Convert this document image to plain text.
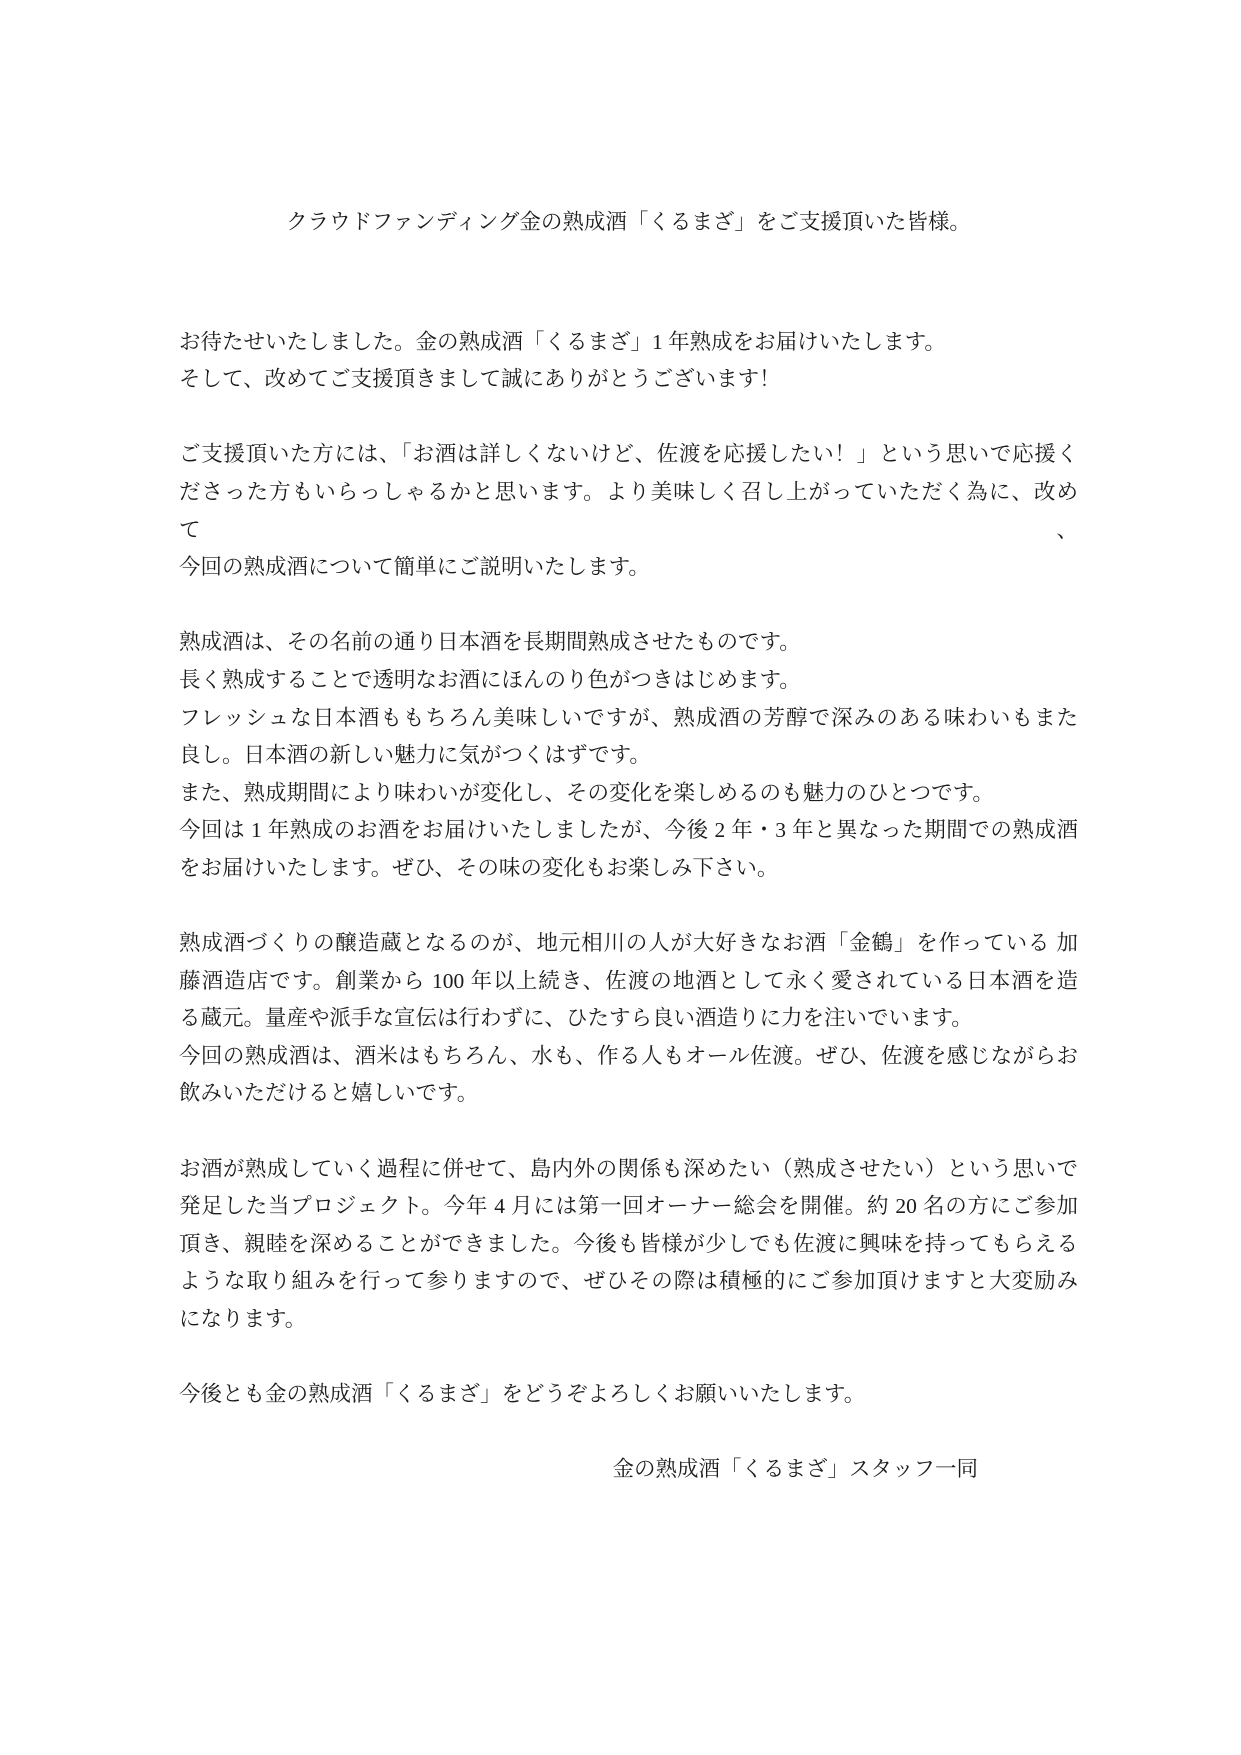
クラウドファンディング金の熟成酒「くるまざ」をご支援頂いた皆様。
お待たせいたしました。金の熟成酒「くるまざ」1 年熟成をお届けいたします。
そして、改めてご支援頂きまして誠にありがとうございます！
ご支援頂いた方には、「お酒は詳しくないけど、佐渡を応援したい！」という思いで応援く
ださった方もいらっしゃるかと思います。より美味しく召し上がっていただく為に、改めて、
今回の熟成酒について簡単にご説明いたします。
熟成酒は、その名前の通り日本酒を長期間熟成させたものです。
長く熟成することで透明なお酒にほんのり色がつきはじめます。
フレッシュな日本酒ももちろん美味しいですが、熟成酒の芳醇で深みのある味わいもまた
良し。日本酒の新しい魅力に気がつくはずです。
また、熟成期間により味わいが変化し、その変化を楽しめるのも魅力のひとつです。
今回は 1 年熟成のお酒をお届けいたしましたが、今後 2 年・3 年と異なった期間での熟成酒
をお届けいたします。ぜひ、その味の変化もお楽しみ下さい。
熟成酒づくりの醸造蔵となるのが、地元相川の人が大好きなお酒「金鶴」を作っている 加
藤酒造店です。創業から 100 年以上続き、佐渡の地酒として永く愛されている日本酒を造
る蔵元。量産や派手な宣伝は行わずに、ひたすら良い酒造りに力を注いでいます。
今回の熟成酒は、酒米はもちろん、水も、作る人もオール佐渡。ぜひ、佐渡を感じながらお
飲みいただけると嬉しいです。
お酒が熟成していく過程に併せて、島内外の関係も深めたい（熟成させたい）という思いで
発足した当プロジェクト。今年 4 月には第一回オーナー総会を開催。約 20 名の方にご参加
頂き、親睦を深めることができました。今後も皆様が少しでも佐渡に興味を持ってもらえる
ような取り組みを行って参りますので、ぜひその際は積極的にご参加頂けますと大変励み
になります。
今後とも金の熟成酒「くるまざ」をどうぞよろしくお願いいたします。
金の熟成酒「くるまざ」スタッフ一同
